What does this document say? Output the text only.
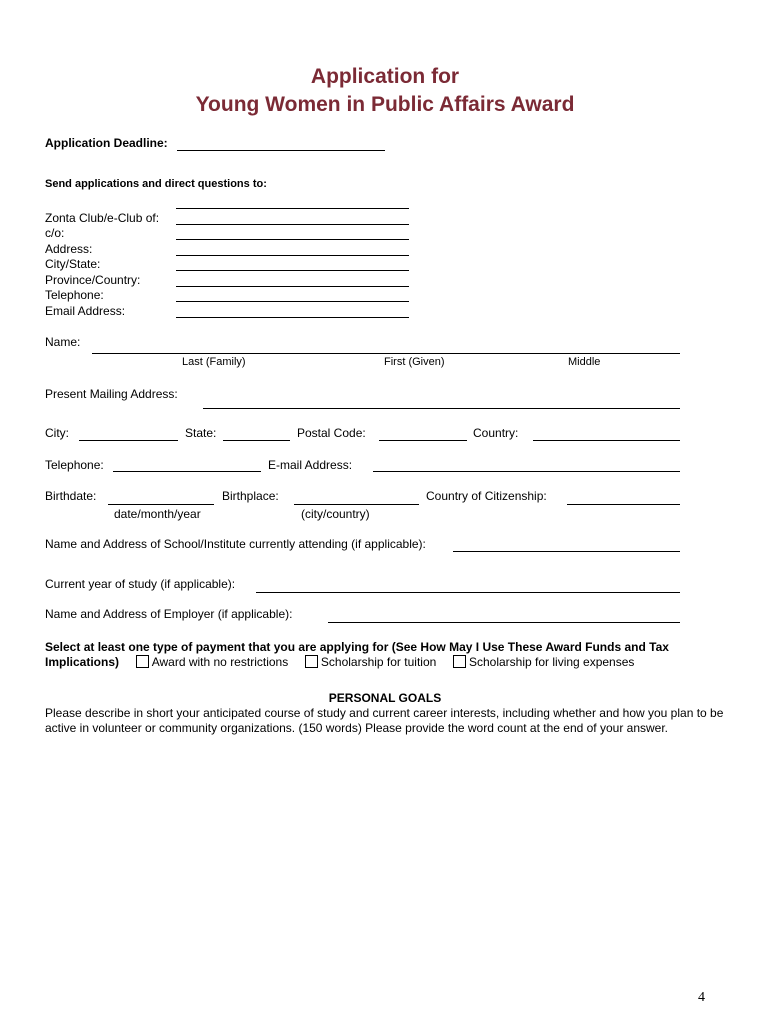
Application for
Young Women in Public Affairs Award
Application Deadline:
Send applications and direct questions to:
Zonta Club/e-Club of:
c/o:
Address:
City/State:
Province/Country:
Telephone:
Email Address:
Name:
Last (Family)	First (Given)	Middle
Present Mailing Address:
City:	State:	Postal Code:	Country:
Telephone:	E-mail Address:
Birthdate:
date/month/year
Birthplace:
(city/country)
Country of Citizenship:
Name and Address of School/Institute currently attending (if applicable):
Current year of study (if applicable):
Name and Address of Employer (if applicable):
Select at least one type of payment that you are applying for (See How May I Use These Award Funds and Tax
Implications)	Award with no restrictions	Scholarship for tuition	Scholarship for living expenses
PERSONAL GOALS
Please describe in short your anticipated course of study and current career interests, including whether and how you plan to be active in volunteer or community organizations. (150 words) Please provide the word count at the end of your answer.
4
